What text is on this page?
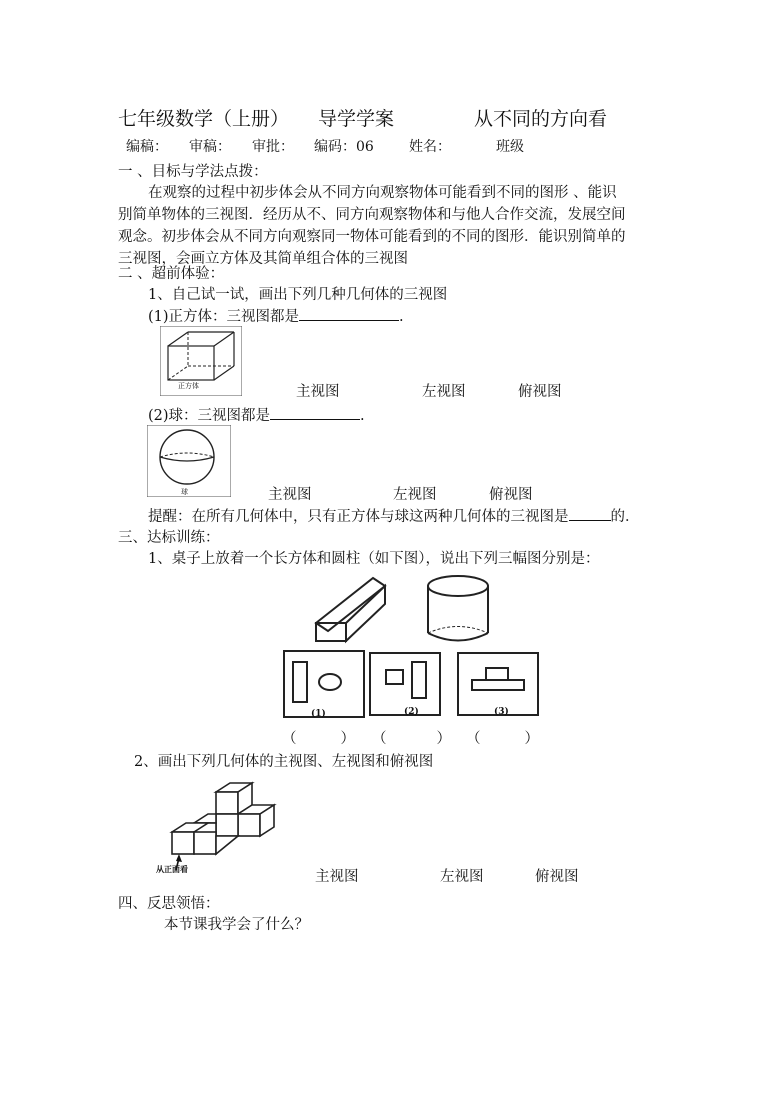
七年级数学（上册） 导学学案	从不同的方向看
编稿： 审稿： 审批： 编码：06	姓名：	班级
一 、目标与学法点拨：
在观察的过程中初步体会从不同方向观察物体可能看到不同的图形 、能识
别简单物体的三视图．经历从不、同方向观察物体和与他人合作交流，发展空间
观念。初步体会从不同方向观察同一物体可能看到的不同的图形．能识别简单的
三视图，会画立方体及其简单组合体的三视图
二 、超前体验：
1、自己试一试，画出下列几种几何体的三视图
(1)正方体：三视图都是	.
正方体	主视图	左视图	俯视图
(2)球：三视图都是	.
球	主视图	左视图	俯视图
提醒：在所有几何体中，只有正方体与球这两种几何体的三视图是	的．
三、达标训练：
1、桌子上放着一个长方体和圆柱（如下图），说出下列三幅图分别是：
(1)	(2)	(3)
（	） （	） （	）
2、画出下列几何体的主视图、左视图和俯视图
从正面看	主视图	左视图	俯视图
四、反思领悟：
本节课我学会了什么？
